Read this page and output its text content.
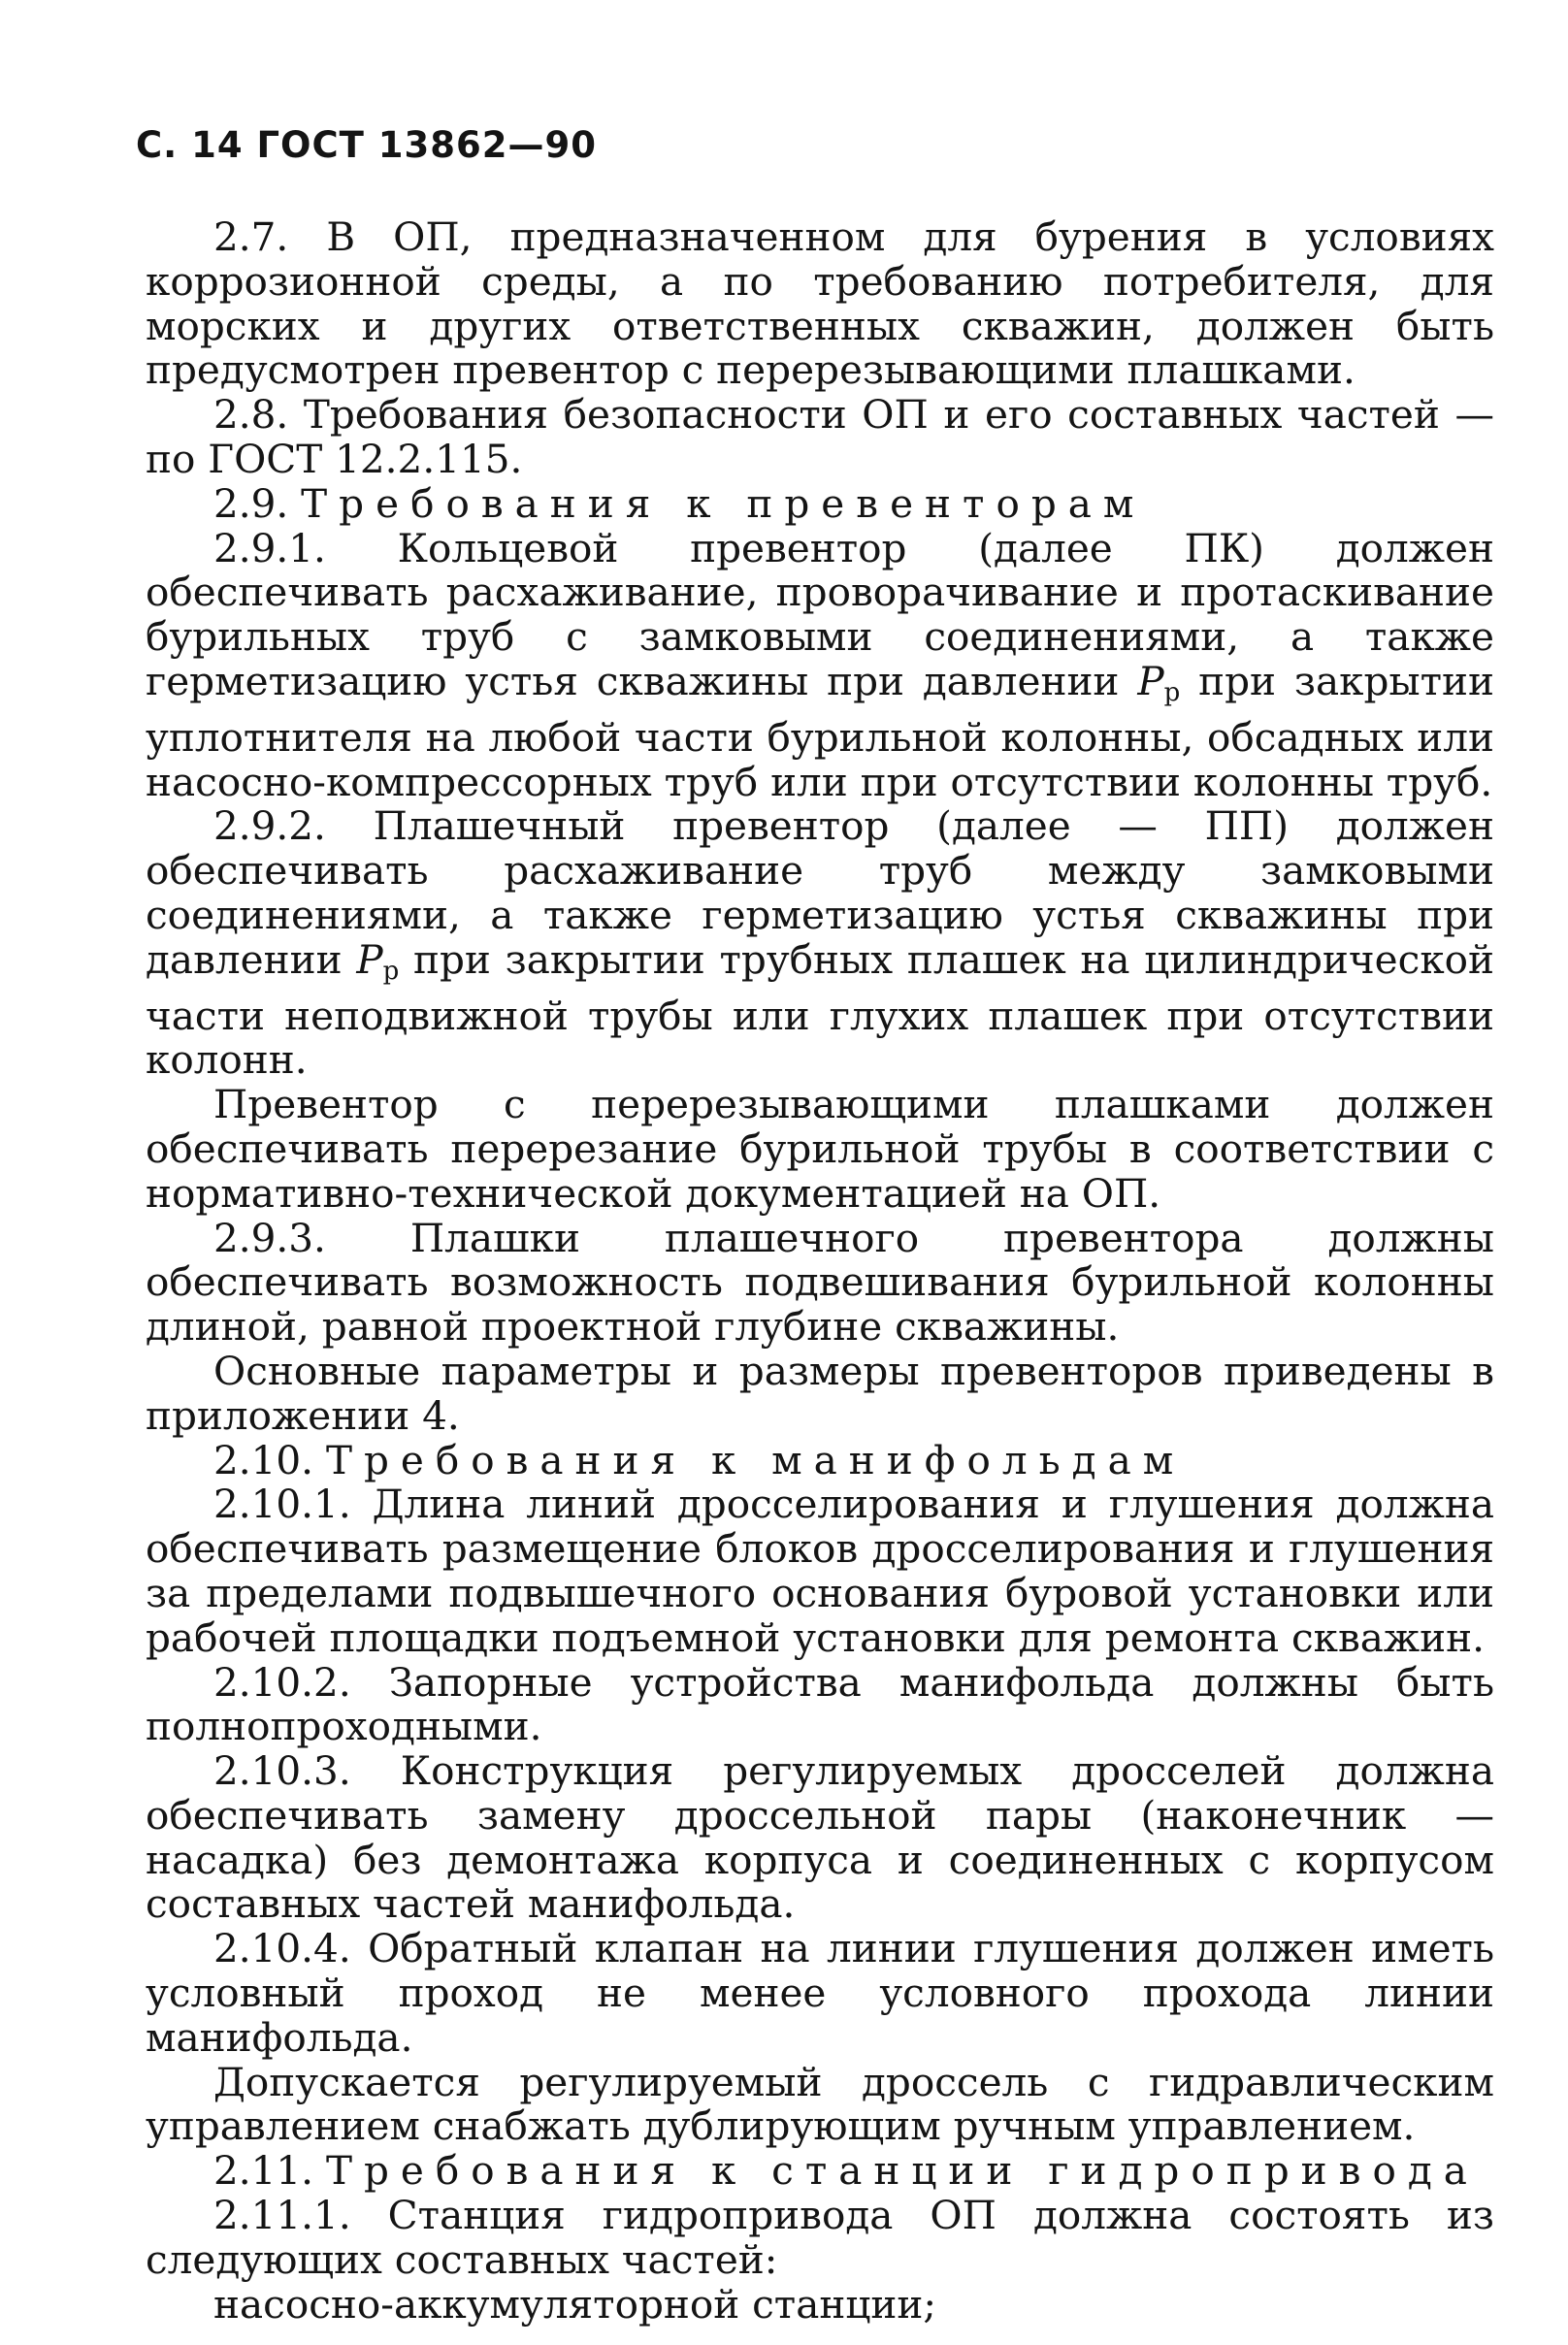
С. 14 ГОСТ 13862—90

2.7. В ОП, предназначенном для бурения в условиях коррозионной среды, а по требованию потребителя, для морских и других ответственных скважин, должен быть предусмотрен превентор с перерезывающими плашками.

2.8. Требования безопасности ОП и его составных частей — по ГОСТ 12.2.115.

2.9. Требования к превенторам

2.9.1. Кольцевой превентор (далее ПК) должен обеспечивать расхаживание, проворачивание и протаскивание бурильных труб с замковыми соединениями, а также герметизацию устья скважины при давлении $P_р$ при закрытии уплотнителя на любой части бурильной колонны, обсадных или насосно-компрессорных труб или при отсутствии колонны труб.

2.9.2. Плашечный превентор (далее — ПП) должен обеспечивать расхаживание труб между замковыми соединениями, а также герметизацию устья скважины при давлении $P_р$ при закрытии трубных плашек на цилиндрической части неподвижной трубы или глухих плашек при отсутствии колонн.

Превентор с перерезывающими плашками должен обеспечивать перерезание бурильной трубы в соответствии с нормативно-технической документацией на ОП.

2.9.3. Плашки плашечного превентора должны обеспечивать возможность подвешивания бурильной колонны длиной, равной проектной глубине скважины.

Основные параметры и размеры превенторов приведены в приложении 4.

2.10. Требования к манифольдам

2.10.1. Длина линий дросселирования и глушения должна обеспечивать размещение блоков дросселирования и глушения за пределами подвышечного основания буровой установки или рабочей площадки подъемной установки для ремонта скважин.

2.10.2. Запорные устройства манифольда должны быть полнопроходными.

2.10.3. Конструкция регулируемых дросселей должна обеспечивать замену дроссельной пары (наконечник — насадка) без демонтажа корпуса и соединенных с корпусом составных частей манифольда.

2.10.4. Обратный клапан на линии глушения должен иметь условный проход не менее условного прохода линии манифольда.

Допускается регулируемый дроссель с гидравлическим управлением снабжать дублирующим ручным управлением.

2.11. Требования к станции гидропривода

2.11.1. Станция гидропривода ОП должна состоять из следующих составных частей:

насосно-аккумуляторной станции;
